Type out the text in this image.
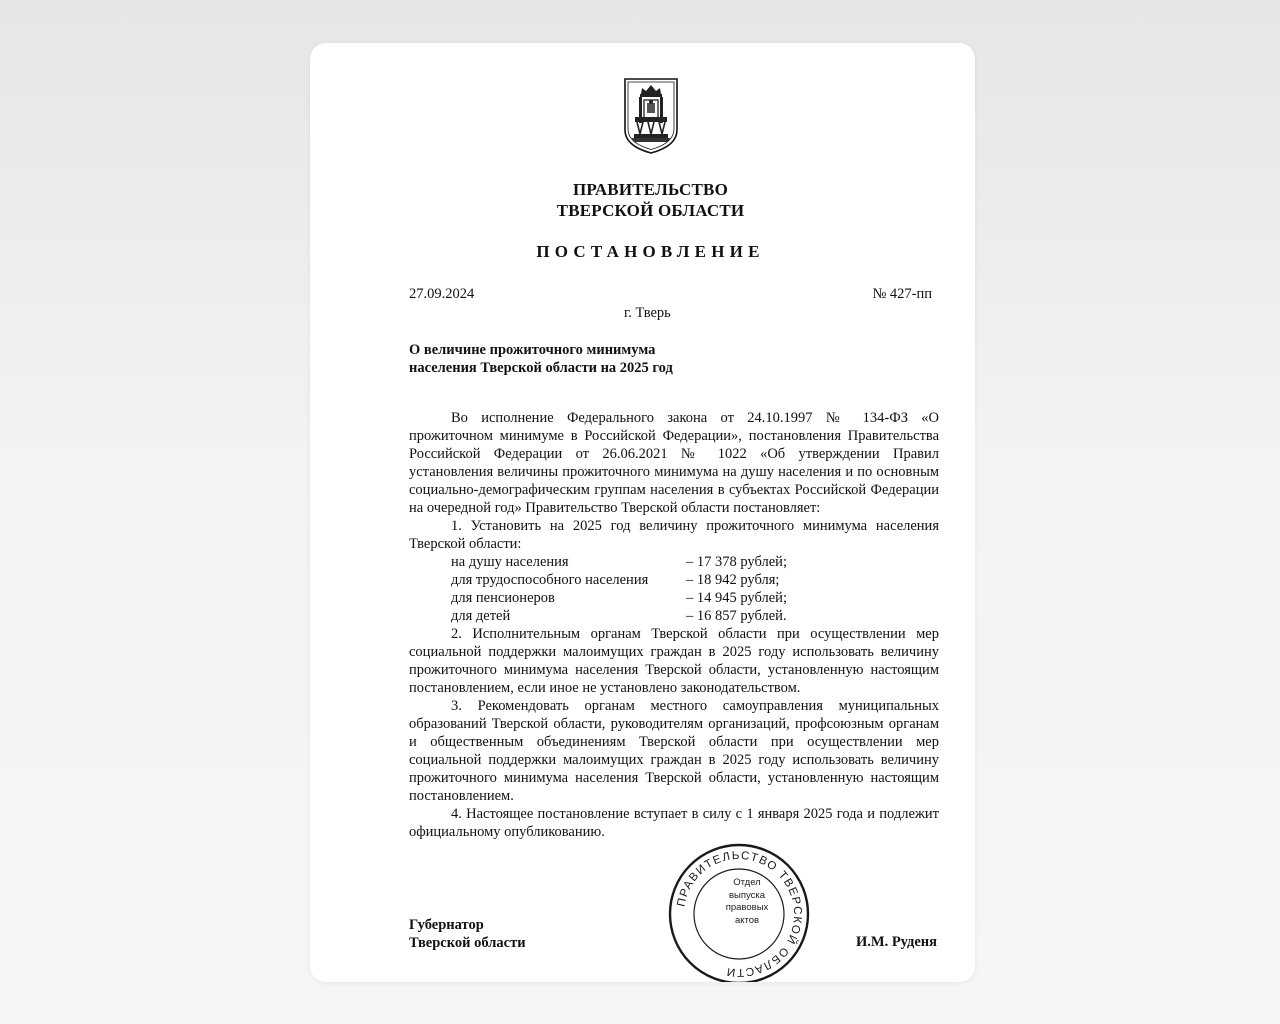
ПРАВИТЕЛЬСТВО
ТВЕРСКОЙ ОБЛАСТИ
ПОСТАНОВЛЕНИЕ
27.09.2024	№ 427-пп
г. Тверь
О величине прожиточного минимума
населения Тверской области на 2025 год

Во исполнение Федерального закона от 24.10.1997 № 134-ФЗ «О прожиточном минимуме в Российской Федерации», постановления Правительства Российской Федерации от 26.06.2021 № 1022 «Об утверждении Правил установления величины прожиточного минимума на душу населения и по основным социально-демографическим группам населения в субъектах Российской Федерации на очередной год» Правительство Тверской области постановляет:

1. Установить на 2025 год величину прожиточного минимума населения Тверской области:

на душу населения	– 17 378 рублей;
для трудоспособного населения	– 18 942 рубля;
для пенсионеров	– 14 945 рублей;
для детей	– 16 857 рублей.

2. Исполнительным органам Тверской области при осуществлении мер социальной поддержки малоимущих граждан в 2025 году использовать величину прожиточного минимума населения Тверской области, установленную настоящим постановлением, если иное не установлено законодательством.

3. Рекомендовать органам местного самоуправления муниципальных образований Тверской области, руководителям организаций, профсоюзным органам и общественным объединениям Тверской области при осуществлении мер социальной поддержки малоимущих граждан в 2025 году использовать величину прожиточного минимума населения Тверской области, установленную настоящим постановлением.

4. Настоящее постановление вступает в силу с 1 января 2025 года и подлежит официальному опубликованию.

Губернатор
Тверской области	И.М. Руденя
ПРАВИТЕЛЬСТВО ТВЕРСКОЙ ОБЛАСТИ
Отдел
выпуска
правовых
актов
